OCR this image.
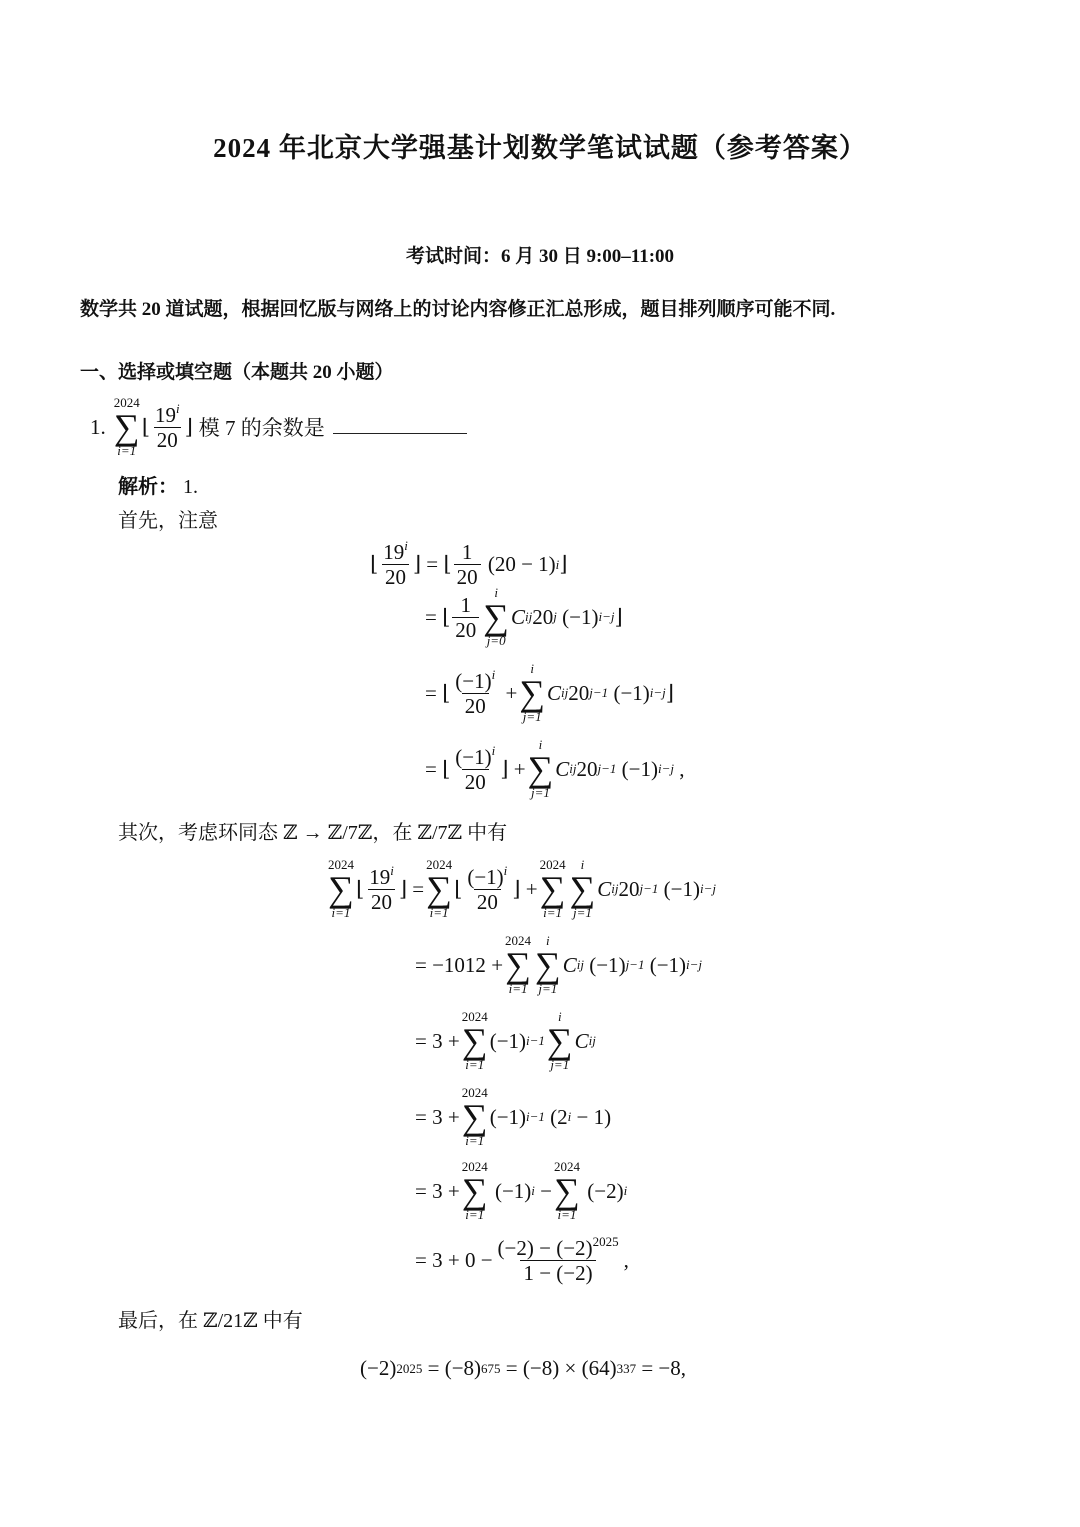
2024 年北京大学强基计划数学笔试试题（参考答案）
考试时间：6 月 30 日 9:00–11:00
数学共 20 道试题，根据回忆版与网络上的讨论内容修正汇总形成，题目排列顺序可能不同.
一、选择或填空题（本题共 20 小题）
1.
2024
∑
i=1
⌊ $\frac{19^i}{20}$ ⌋ 模 7 的余数是
解析： 1.
首先，注意
⌊ $\frac{19^i}{20}$ ⌋
=
⌊ $\frac{1}{20}$
( 20
−
1 ) i ⌋
=
⌊ $\frac{1}{20}$ i
∑
j=0
C i j 20 j
( −1 ) i−j ⌋
=
⌊ $\frac{(-1)^i}{20}$
+
i
∑
j=1
C i j 20 j−1
( −1 ) i−j ⌋
=
⌊ $\frac{(-1)^i}{20}$ ⌋
+
i
∑
j=1
C i j 20 j−1
( −1 ) i−j
,
其次，考虑环同态 ℤ → ℤ/7ℤ，在 ℤ/7ℤ 中有
2024
∑
i=1
⌊ $\frac{19^i}{20}$ ⌋
=
2024
∑
i=1
⌊ $\frac{(-1)^i}{20}$ ⌋
+
2024
∑
i=1
i
∑
j=1
C i j 20 j−1
( −1 ) i−j
=
−1012
+
2024
∑
i=1
i
∑
j=1
C i j
( −1 ) j−1
( −1 ) i−j
=
3
+
2024
∑
i=1
( −1 ) i−1
i
∑
j=1
C i j
=
3
+
2024
∑
i=1
( −1 ) i−1
( 2 i
−
1 )
=
3
+
2024
∑
i=1

( −1 ) i
−
2024
∑
i=1

( −2 ) i
=
3
+
0
− $\frac{(-2) - (-2)^{2025}}{1 - (-2)}$ ,
最后，在 ℤ/21ℤ 中有
( −2 ) 2025
=
( −8 ) 675
=
( −8 )
×
( 64 ) 337
=
−8 ,
